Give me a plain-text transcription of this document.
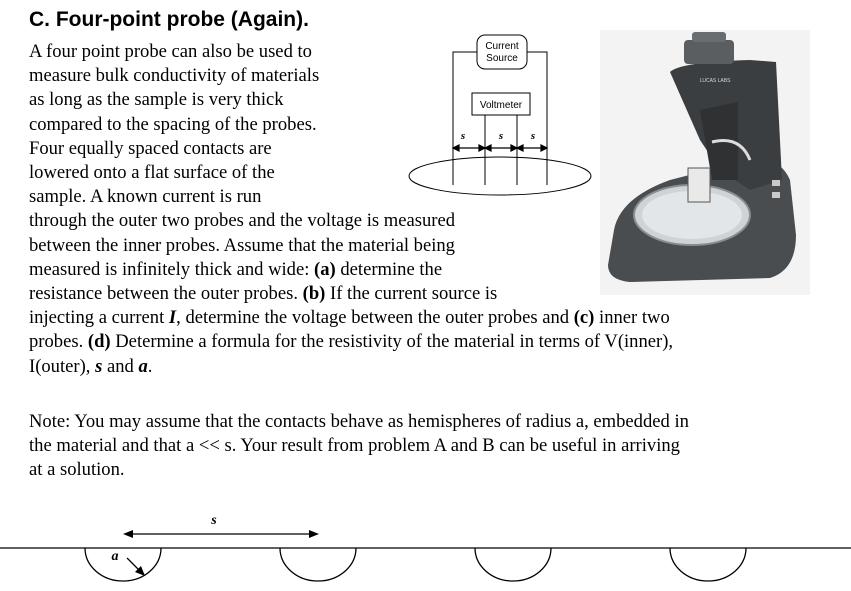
C. Four-point probe (Again).
A four point probe can also be used to
measure bulk conductivity of materials
as long as the sample is very thick
compared to the spacing of the probes.
Four equally spaced contacts are
lowered onto a flat surface of the
sample. A known current is run
through the outer two probes and the voltage is measured
between the inner probes. Assume that the material being
measured is infinitely thick and wide: (a) determine the
resistance between the outer probes. (b) If the current source is
injecting a current I, determine the voltage between the outer probes and (c) inner two
probes. (d) Determine a formula for the resistivity of the material in terms of V(inner),
I(outer), s and a.
Note: You may assume that the contacts behave as hemispheres of radius a, embedded in
the material and that a << s. Your result from problem A and B can be useful in arriving
at a solution.
Current
Source
Voltmeter
s	s	s
LUCAS LABS
s
a
